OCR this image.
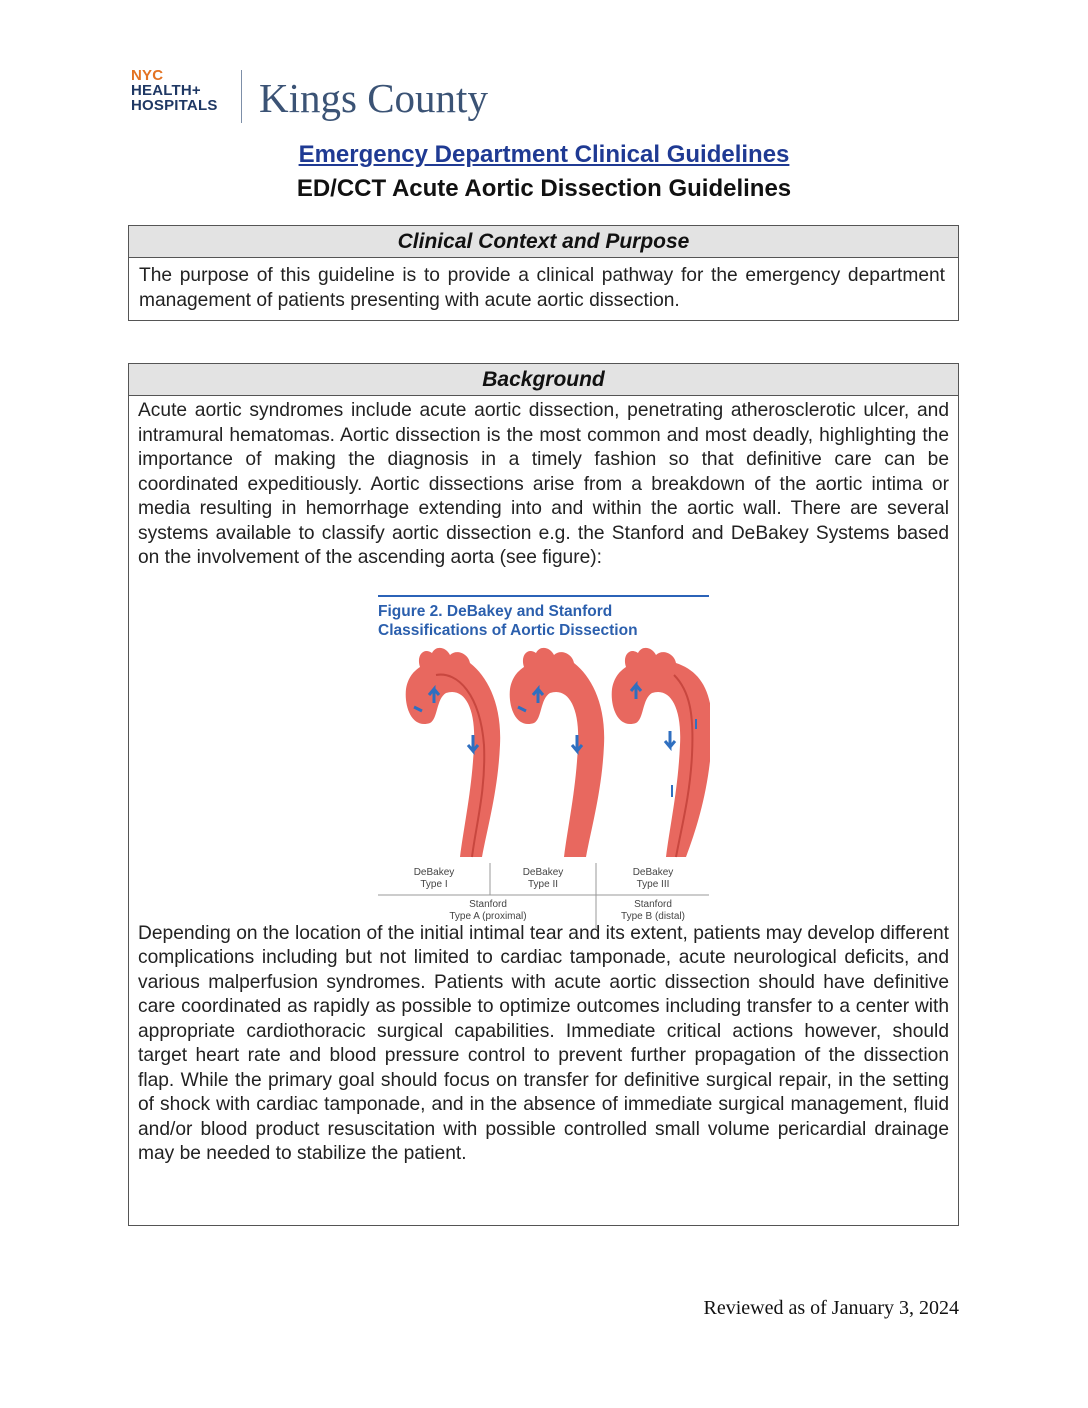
NYC
HEALTH+
HOSPITALS Kings County
Emergency Department Clinical Guidelines
ED/CCT Acute Aortic Dissection Guidelines
Clinical Context and Purpose
The purpose of this guideline is to provide a clinical pathway for the emergency department management of patients presenting with acute aortic dissection.
Background
Acute aortic syndromes include acute aortic dissection, penetrating atherosclerotic ulcer, and intramural hematomas. Aortic dissection is the most common and most deadly, highlighting the importance of making the diagnosis in a timely fashion so that definitive care can be coordinated expeditiously. Aortic dissections arise from a breakdown of the aortic intima or media resulting in hemorrhage extending into and within the aortic wall. There are several systems available to classify aortic dissection e.g. the Stanford and DeBakey Systems based on the involvement of the ascending aorta (see figure):
Depending on the location of the initial intimal tear and its extent, patients may develop different complications including but not limited to cardiac tamponade, acute neurological deficits, and various malperfusion syndromes. Patients with acute aortic dissection should have definitive care coordinated as rapidly as possible to optimize outcomes including transfer to a center with appropriate cardiothoracic surgical capabilities. Immediate critical actions however, should target heart rate and blood pressure control to prevent further propagation of the dissection flap. While the primary goal should focus on transfer for definitive surgical repair, in the setting of shock with cardiac tamponade, and in the absence of immediate surgical management, fluid and/or blood product resuscitation with possible controlled small volume pericardial drainage may be needed to stabilize the patient.
Figure 2. DeBakey and Stanford
Classifications of Aortic Dissection
DeBakey
Type I
DeBakey
Type II
DeBakey
Type III
Stanford
Type A (proximal)
Stanford
Type B (distal)
Reviewed as of January 3, 2024
